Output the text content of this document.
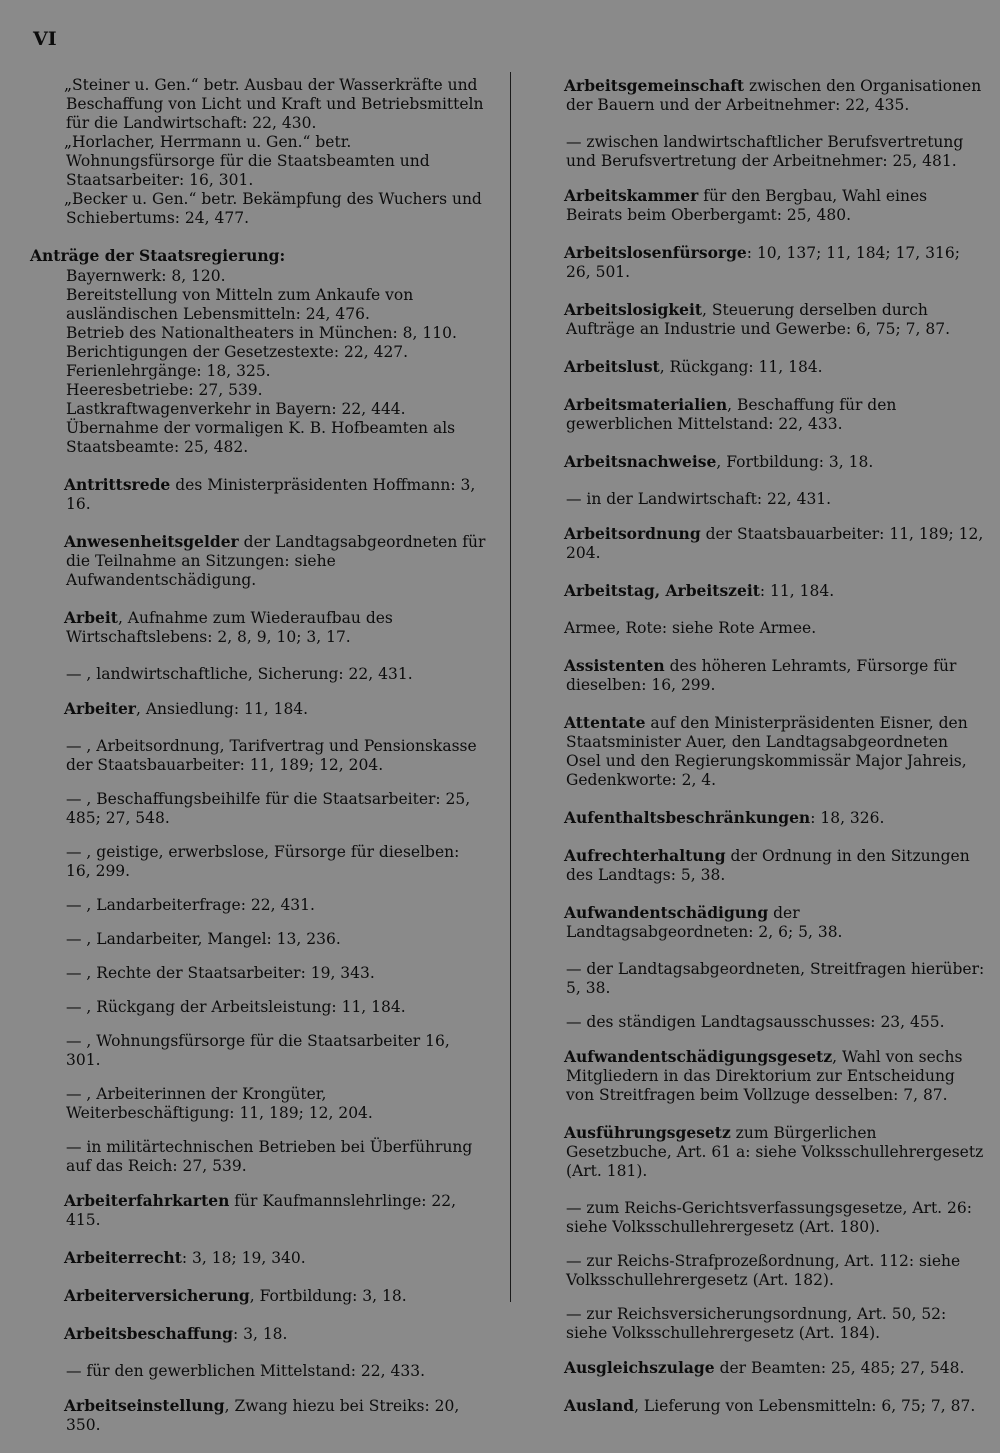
VI
„Steiner u. Gen.“ betr. Ausbau der Wasserkräfte und Beschaffung von Licht und Kraft und Betriebsmitteln für die Landwirtschaft: 22, 430.
„Horlacher, Herrmann u. Gen.“ betr. Wohnungsfürsorge für die Staatsbeamten und Staatsarbeiter: 16, 301.
„Becker u. Gen.“ betr. Bekämpfung des Wuchers und Schiebertums: 24, 477.
Anträge der Staatsregierung:
Bayernwerk: 8, 120.
Bereitstellung von Mitteln zum Ankaufe von ausländischen Lebensmitteln: 24, 476.
Betrieb des Nationaltheaters in München: 8, 110.
Berichtigungen der Gesetzestexte: 22, 427.
Ferienlehrgänge: 18, 325.
Heeresbetriebe: 27, 539.
Lastkraftwagenverkehr in Bayern: 22, 444.
Übernahme der vormaligen K. B. Hofbeamten als Staatsbeamte: 25, 482.
Antrittsrede des Ministerpräsidenten Hoffmann: 3, 16.
Anwesenheitsgelder der Landtagsabgeordneten für die Teilnahme an Sitzungen: siehe Aufwandentschädigung.
Arbeit, Aufnahme zum Wiederaufbau des Wirtschaftslebens: 2, 8, 9, 10; 3, 17.
— , landwirtschaftliche, Sicherung: 22, 431.
Arbeiter, Ansiedlung: 11, 184.
— , Arbeitsordnung, Tarifvertrag und Pensionskasse der Staatsbauarbeiter: 11, 189; 12, 204.
— , Beschaffungsbeihilfe für die Staatsarbeiter: 25, 485; 27, 548.
— , geistige, erwerbslose, Fürsorge für dieselben: 16, 299.
— , Landarbeiterfrage: 22, 431.
— , Landarbeiter, Mangel: 13, 236.
— , Rechte der Staatsarbeiter: 19, 343.
— , Rückgang der Arbeitsleistung: 11, 184.
— , Wohnungsfürsorge für die Staatsarbeiter 16, 301.
— , Arbeiterinnen der Krongüter, Weiterbeschäftigung: 11, 189; 12, 204.
— in militärtechnischen Betrieben bei Überführung auf das Reich: 27, 539.
Arbeiterfahrkarten für Kaufmannslehrlinge: 22, 415.
Arbeiterrecht: 3, 18; 19, 340.
Arbeiterversicherung, Fortbildung: 3, 18.
Arbeitsbeschaffung: 3, 18.
— für den gewerblichen Mittelstand: 22, 433.
Arbeitseinstellung, Zwang hiezu bei Streiks: 20, 350.
Arbeitsgemeinschaft zwischen den Organisationen der Bauern und der Arbeitnehmer: 22, 435.
— zwischen landwirtschaftlicher Berufsvertretung und Berufsvertretung der Arbeitnehmer: 25, 481.
Arbeitskammer für den Bergbau, Wahl eines Beirats beim Oberbergamt: 25, 480.
Arbeitslosenfürsorge: 10, 137; 11, 184; 17, 316; 26, 501.
Arbeitslosigkeit, Steuerung derselben durch Aufträge an Industrie und Gewerbe: 6, 75; 7, 87.
Arbeitslust, Rückgang: 11, 184.
Arbeitsmaterialien, Beschaffung für den gewerblichen Mittelstand: 22, 433.
Arbeitsnachweise, Fortbildung: 3, 18.
— in der Landwirtschaft: 22, 431.
Arbeitsordnung der Staatsbauarbeiter: 11, 189; 12, 204.
Arbeitstag, Arbeitszeit: 11, 184.
Armee, Rote: siehe Rote Armee.
Assistenten des höheren Lehramts, Fürsorge für dieselben: 16, 299.
Attentate auf den Ministerpräsidenten Eisner, den Staatsminister Auer, den Landtagsabgeordneten Osel und den Regierungskommissär Major Jahreis, Gedenkworte: 2, 4.
Aufenthaltsbeschränkungen: 18, 326.
Aufrechterhaltung der Ordnung in den Sitzungen des Landtags: 5, 38.
Aufwandentschädigung der Landtagsabgeordneten: 2, 6; 5, 38.
— der Landtagsabgeordneten, Streitfragen hierüber: 5, 38.
— des ständigen Landtagsausschusses: 23, 455.
Aufwandentschädigungsgesetz, Wahl von sechs Mitgliedern in das Direktorium zur Entscheidung von Streitfragen beim Vollzuge desselben: 7, 87.
Ausführungsgesetz zum Bürgerlichen Gesetzbuche, Art. 61 a: siehe Volksschullehrergesetz (Art. 181).
— zum Reichs-Gerichtsverfassungsgesetze, Art. 26: siehe Volksschullehrergesetz (Art. 180).
— zur Reichs-Strafprozeßordnung, Art. 112: siehe Volksschullehrergesetz (Art. 182).
— zur Reichsversicherungsordnung, Art. 50, 52: siehe Volksschullehrergesetz (Art. 184).
Ausgleichszulage der Beamten: 25, 485; 27, 548.
Ausland, Lieferung von Lebensmitteln: 6, 75; 7, 87.
